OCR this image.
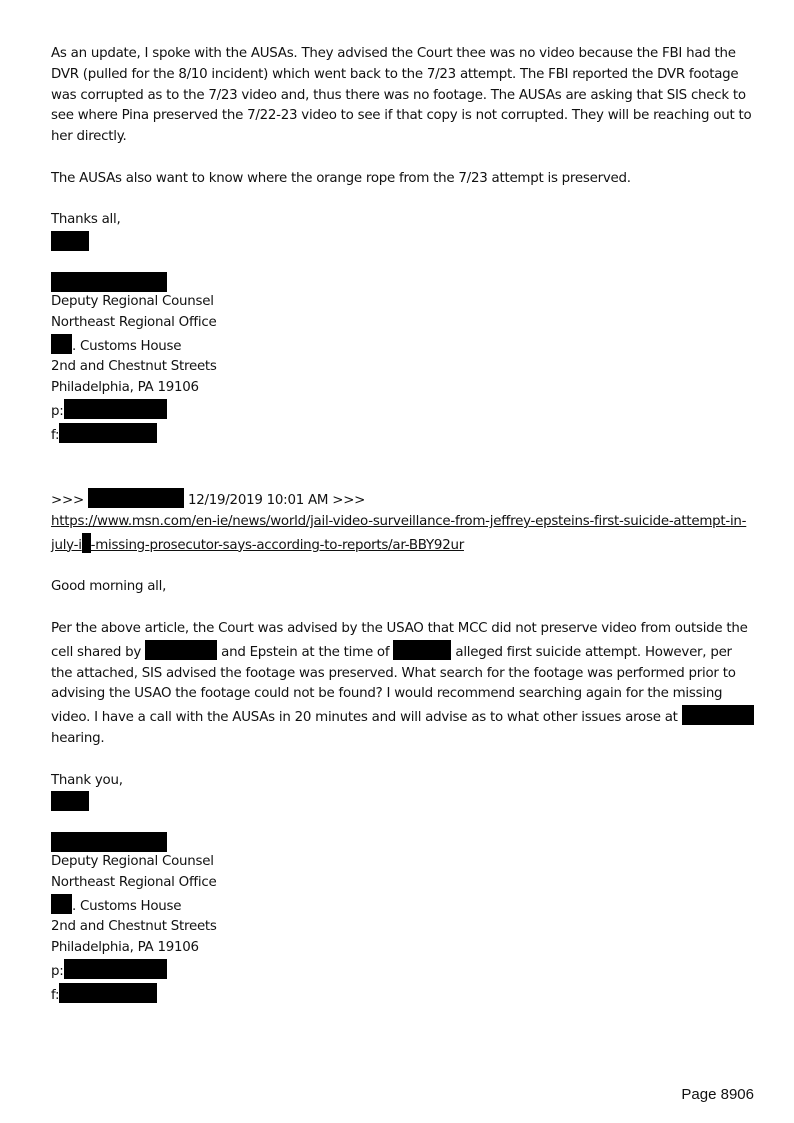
As an update, I spoke with the AUSAs. They advised the Court thee was no video because the FBI had the DVR (pulled for the 8/10 incident) which went back to the 7/23 attempt. The FBI reported the DVR footage was corrupted as to the 7/23 video and, thus there was no footage. The AUSAs are asking that SIS check to see where Pina preserved the 7/22-23 video to see if that copy is not corrupted. They will be reaching out to her directly.

The AUSAs also want to know where the orange rope from the 7/23 attempt is preserved.

Thanks all,

Deputy Regional Counsel

Northeast Regional Office

. Customs House

2nd and Chestnut Streets

Philadelphia, PA 19106

p:

f:

>>>	12/19/2019 10:01 AM >>>

https://www.msn.com/en-ie/news/world/jail-video-surveillance-from-jeffrey-epsteins-first-suicide-attempt-in-july-i -missing-prosecutor-says-according-to-reports/ar-BBY92ur

Good morning all,

Per the above article, the Court was advised by the USAO that MCC did not preserve video from outside the cell shared by	and Epstein at the time of	alleged first suicide attempt. However, per the attached, SIS advised the footage was preserved. What search for the footage was performed prior to advising the USAO the footage could not be found? I would recommend searching again for the missing video. I have a call with the AUSAs in 20 minutes and will advise as to what other issues arose at  hearing.

Thank you,

Deputy Regional Counsel

Northeast Regional Office

. Customs House

2nd and Chestnut Streets

Philadelphia, PA 19106

p:

f:

Page 8906
